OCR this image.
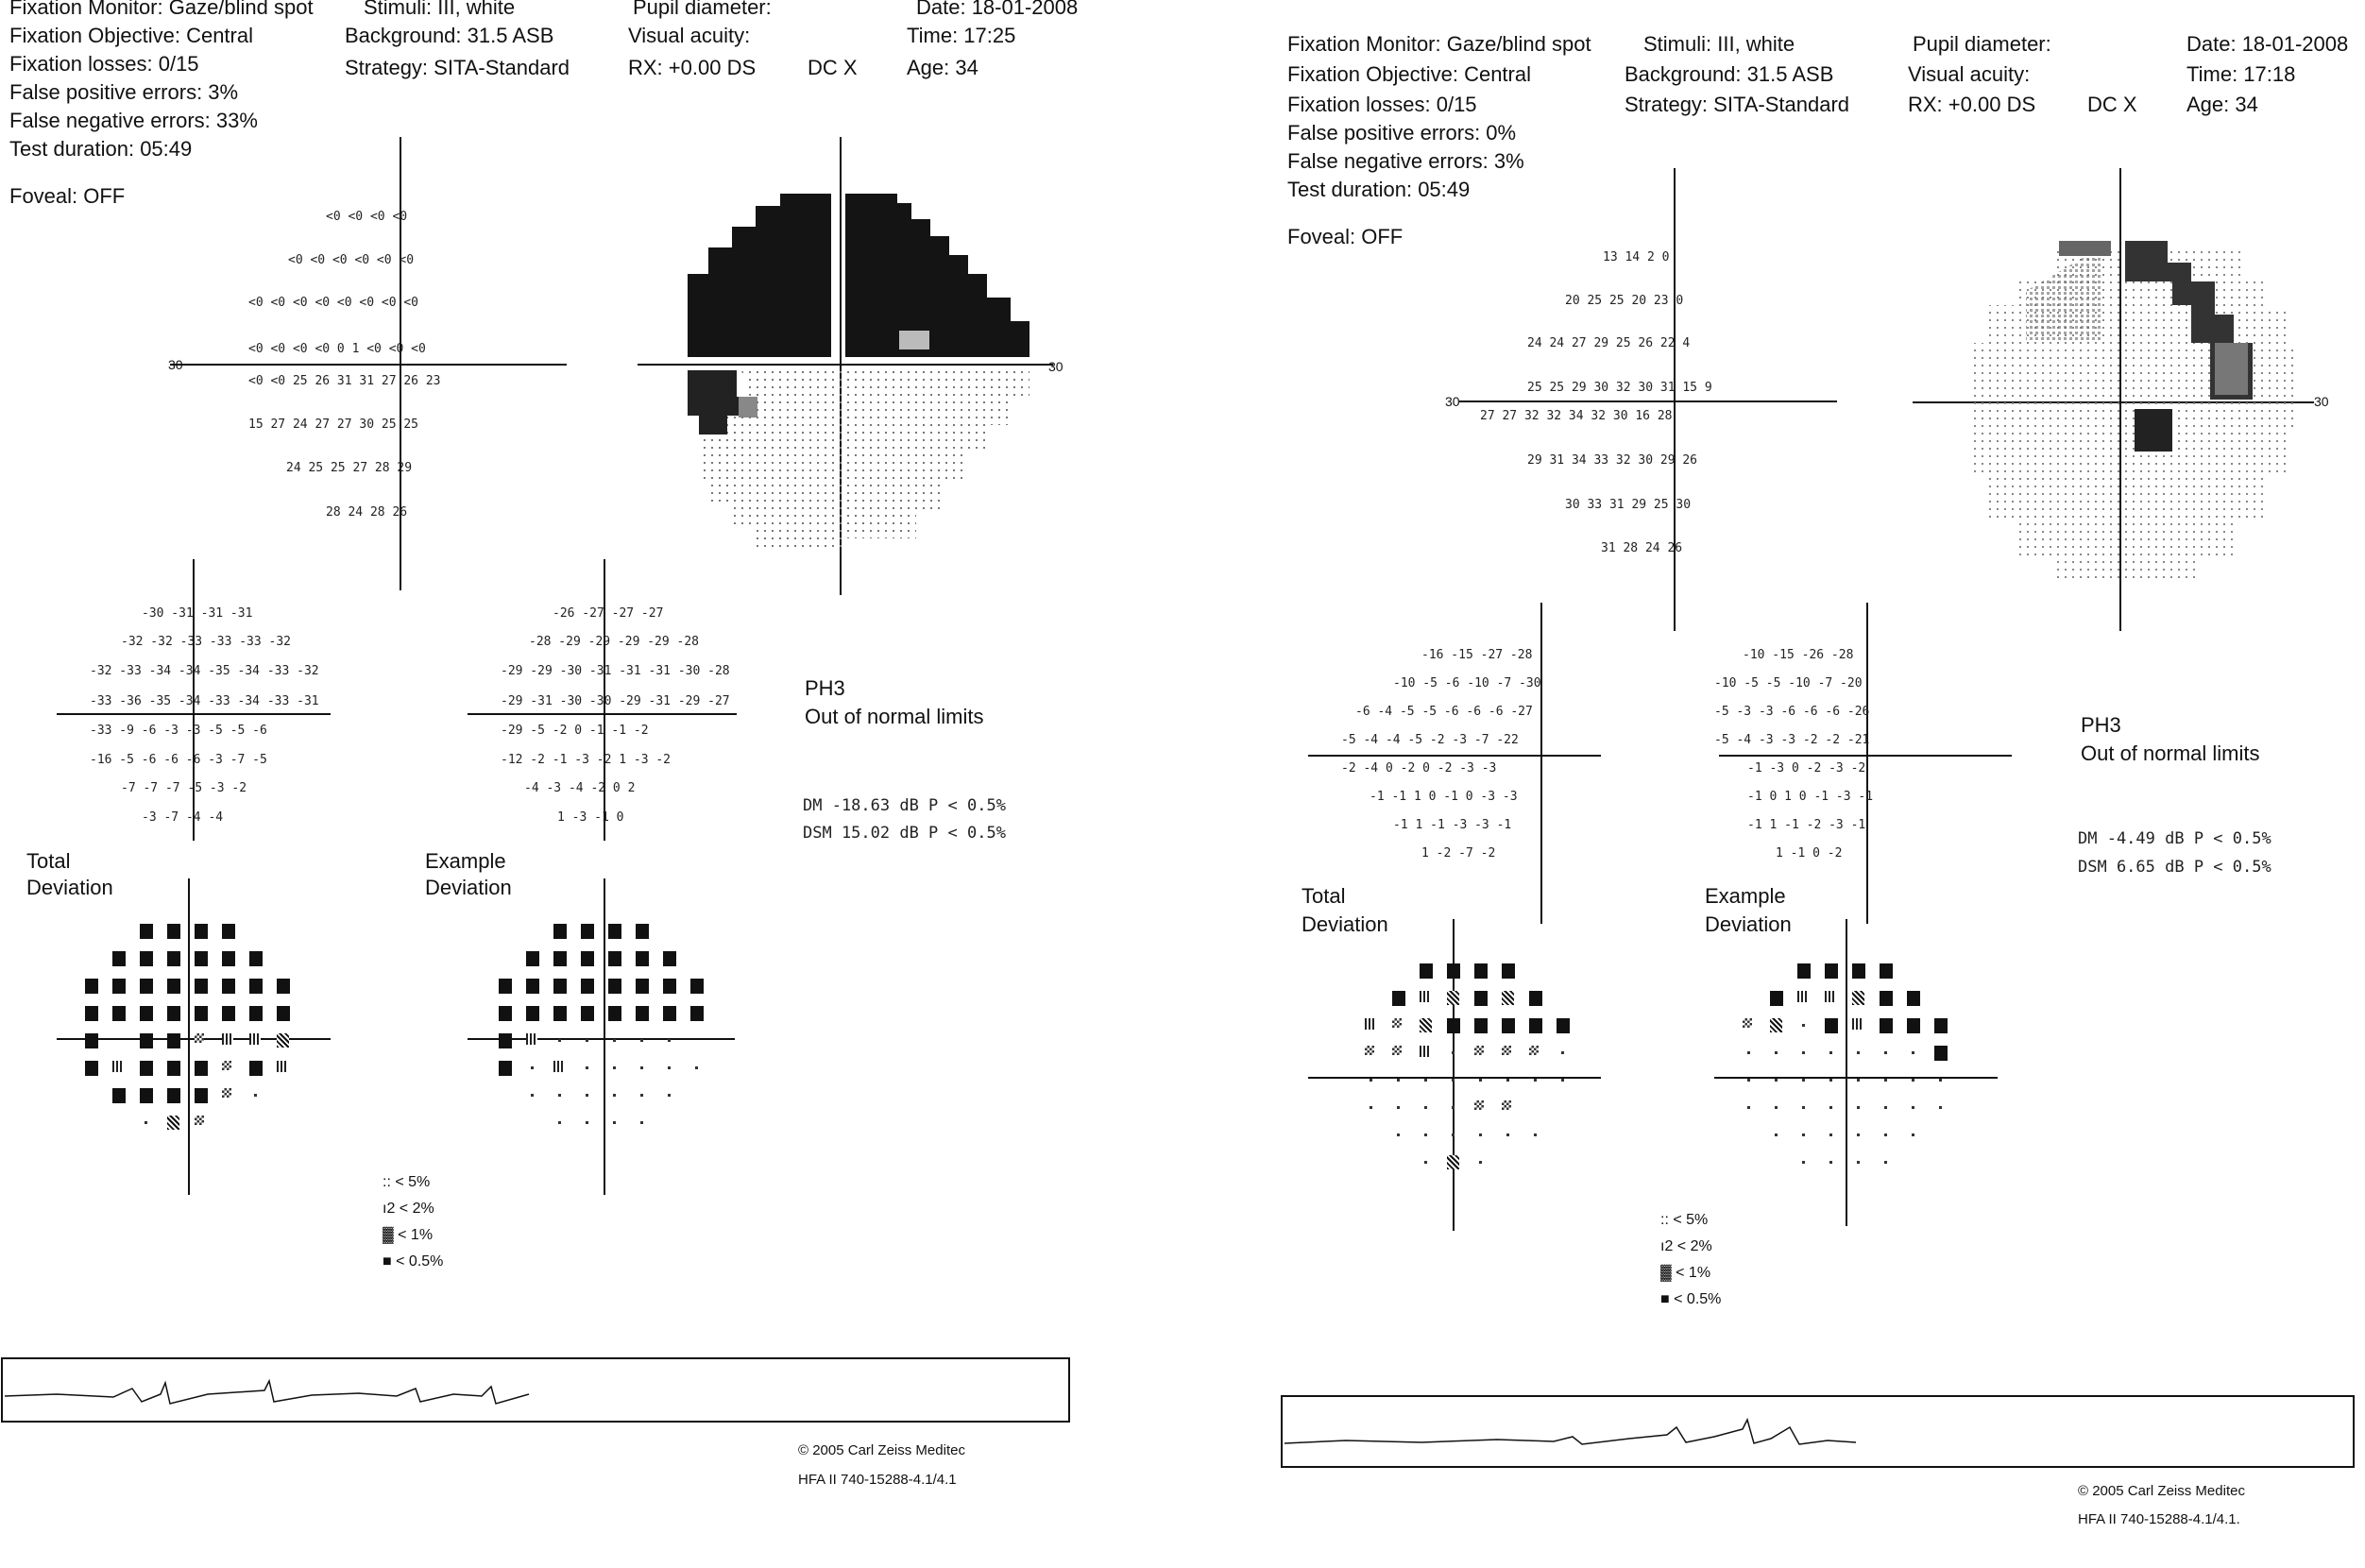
Fixation Monitor: Gaze/blind spot
Fixation Objective: Central
Fixation losses: 0/15
False positive errors: 3%
False negative errors: 33%
Test duration: 05:49
Foveal: OFF
Stimuli: III, white
Background: 31.5 ASB
Strategy: SITA-Standard
Pupil diameter:
Visual acuity:
RX: +0.00 DS DC X
Date: 18-01-2008
Time: 17:25
Age: 34
30	30
<0 <0 <0 <0
<0 <0 <0 <0 <0 <0
<0 <0 <0 <0 <0 <0 <0 <0
<0 <0 <0 <0 0 1 <0 <0 <0
<0 <0 25 26 31 31 27 26 23
15 27 24 27 27 30 25 25
24 25 25 27 28 29
28 24 28 26
-30 -31 -31 -31
-32 -32 -33 -33 -33 -32
-32 -33 -34 -34 -35 -34 -33 -32
-33 -36 -35 -34 -33 -34 -33 -31
-33 -9 -6 -3 -3 -5 -5 -6
-16 -5 -6 -6 -6 -3 -7 -5
-7 -7 -7 -5 -3 -2
-3 -7 -4 -4
-26 -27 -27 -27
-28 -29 -29 -29 -29 -28
-29 -29 -30 -31 -31 -31 -30 -28
-29 -31 -30 -30 -29 -31 -29 -27
-29 -5 -2 0 -1 -1 -2
-12 -2 -1 -3 -2 1 -3 -2
-4 -3 -4 -2 0 2
1 -3 -1 0
PH3
Out of normal limits
DM -18.63 dB P < 0.5%
DSM 15.02 dB P < 0.5%
Total
Deviation
Example
Deviation
:: < 5%
ı2 < 2%
▓ < 1%
■ < 0.5%
© 2005 Carl Zeiss Meditec
HFA II 740-15288-4.1/4.1
Fixation Monitor: Gaze/blind spot
Fixation Objective: Central
Fixation losses: 0/15
False positive errors: 0%
False negative errors: 3%
Test duration: 05:49
Foveal: OFF
Stimuli: III, white
Background: 31.5 ASB
Strategy: SITA-Standard
Pupil diameter:
Visual acuity:
RX: +0.00 DS DC X
Date: 18-01-2008
Time: 17:18
Age: 34
30	30
13 14 2 0
20 25 25 20 23 0
24 24 27 29 25 26 22 4
25 25 29 30 32 30 31 15 9
27 27 32 32 34 32 30 16 28
29 31 34 33 32 30 29 26
30 33 31 29 25 30
31 28 24 26
-16 -15 -27 -28
-10 -5 -6 -10 -7 -30
-6 -4 -5 -5 -6 -6 -6 -27
-5 -4 -4 -5 -2 -3 -7 -22
-2 -4 0 -2 0 -2 -3 -3
-1 -1 1 0 -1 0 -3 -3
-1 1 -1 -3 -3 -1
1 -2 -7 -2
-10 -15 -26 -28
-10 -5 -5 -10 -7 -20
-5 -3 -3 -6 -6 -6 -26
-5 -4 -3 -3 -2 -2 -21
-1 -3 0 -2 -3 -2
-1 0 1 0 -1 -3 -1
-1 1 -1 -2 -3 -1
1 -1 0 -2
PH3
Out of normal limits
DM -4.49 dB P < 0.5%
DSM 6.65 dB P < 0.5%
Total
Deviation
Example
Deviation
:: < 5%
ı2 < 2%
▓ < 1%
■ < 0.5%
© 2005 Carl Zeiss Meditec
HFA II 740-15288-4.1/4.1.
